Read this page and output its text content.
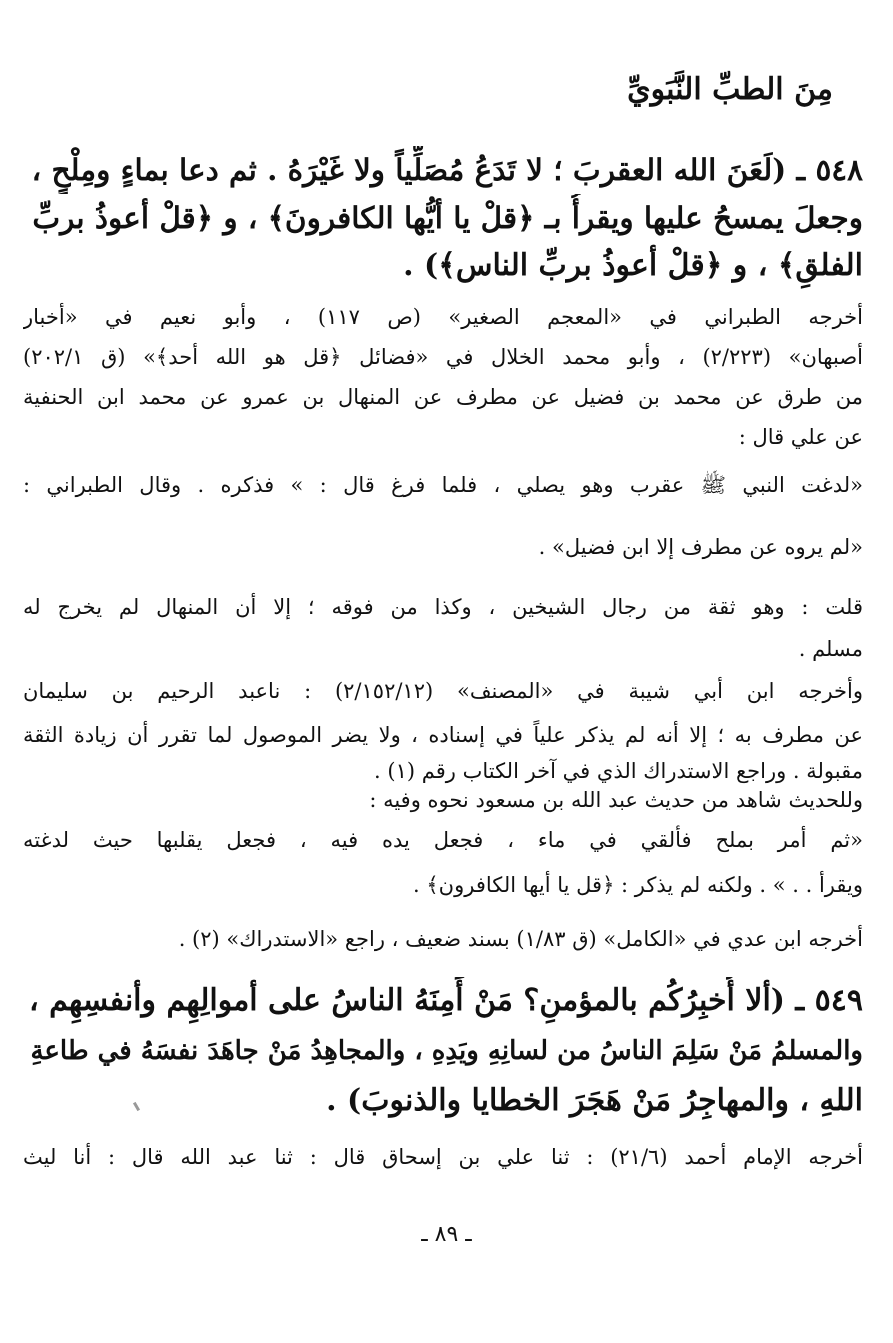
مِنَ الطبِّ النَّبَويِّ
٥٤٨ ـ (لَعَنَ الله العقربَ ؛ لا تَدَعُ مُصَلِّياً ولا غَيْرَهُ . ثم دعا بماءٍ ومِلْحٍ ،
وجعلَ يمسحُ عليها ويقرأُ بـ ﴿قلْ يا أيُّها الكافرونَ﴾ ، و ﴿قلْ أعوذُ بربِّ
الفلقِ﴾ ، و ﴿قلْ أعوذُ بربِّ الناس﴾) .
أخرجه الطبراني في «المعجم الصغير» (ص ١١٧) ، وأبو نعيم في «أخبار
أصبهان» (٢/٢٢٣) ، وأبو محمد الخلال في «فضائل ﴿قل هو الله أحد﴾» (ق ٢٠٢/١)
من طرق عن محمد بن فضيل عن مطرف عن المنهال بن عمرو عن محمد ابن الحنفية
عن علي قال :
«لدغت النبي ﷺ عقرب وهو يصلي ، فلما فرغ قال : » فذكره . وقال الطبراني :
«لم يروه عن مطرف إلا ابن فضيل» .
قلت : وهو ثقة من رجال الشيخين ، وكذا من فوقه ؛ إلا أن المنهال لم يخرج له
مسلم .
وأخرجه ابن أبي شيبة في «المصنف» (٢/١٥٢/١٢) : ناعبد الرحيم بن سليمان
عن مطرف به ؛ إلا أنه لم يذكر علياً في إسناده ، ولا يضر الموصول لما تقرر أن زيادة الثقة
مقبولة . وراجع الاستدراك الذي في آخر الكتاب رقم (١) .
وللحديث شاهد من حديث عبد الله بن مسعود نحوه وفيه :
«ثم أمر بملح فألقي في ماء ، فجعل يده فيه ، فجعل يقلبها حيث لدغته
ويقرأ . . » . ولكنه لم يذكر : ﴿قل يا أيها الكافرون﴾ .
أخرجه ابن عدي في «الكامل» (ق ١/٨٣) بسند ضعيف ، راجع «الاستدراك» (٢) .
٥٤٩ ـ (ألا أُخبِرُكُم بالمؤمنِ؟ مَنْ أَمِنَهُ الناسُ على أموالِهِم وأنفسِهِم ،
والمسلمُ مَنْ سَلِمَ الناسُ من لسانِهِ ويَدِهِ ، والمجاهِدُ مَنْ جاهَدَ نفسَهُ في طاعةِ
اللهِ ، والمهاجِرُ مَنْ هَجَرَ الخطايا والذنوبَ) .
أخرجه الإمام أحمد (٢١/٦) : ثنا علي بن إسحاق قال : ثنا عبد الله قال : أنا ليث
ـ ٨٩ ـ
